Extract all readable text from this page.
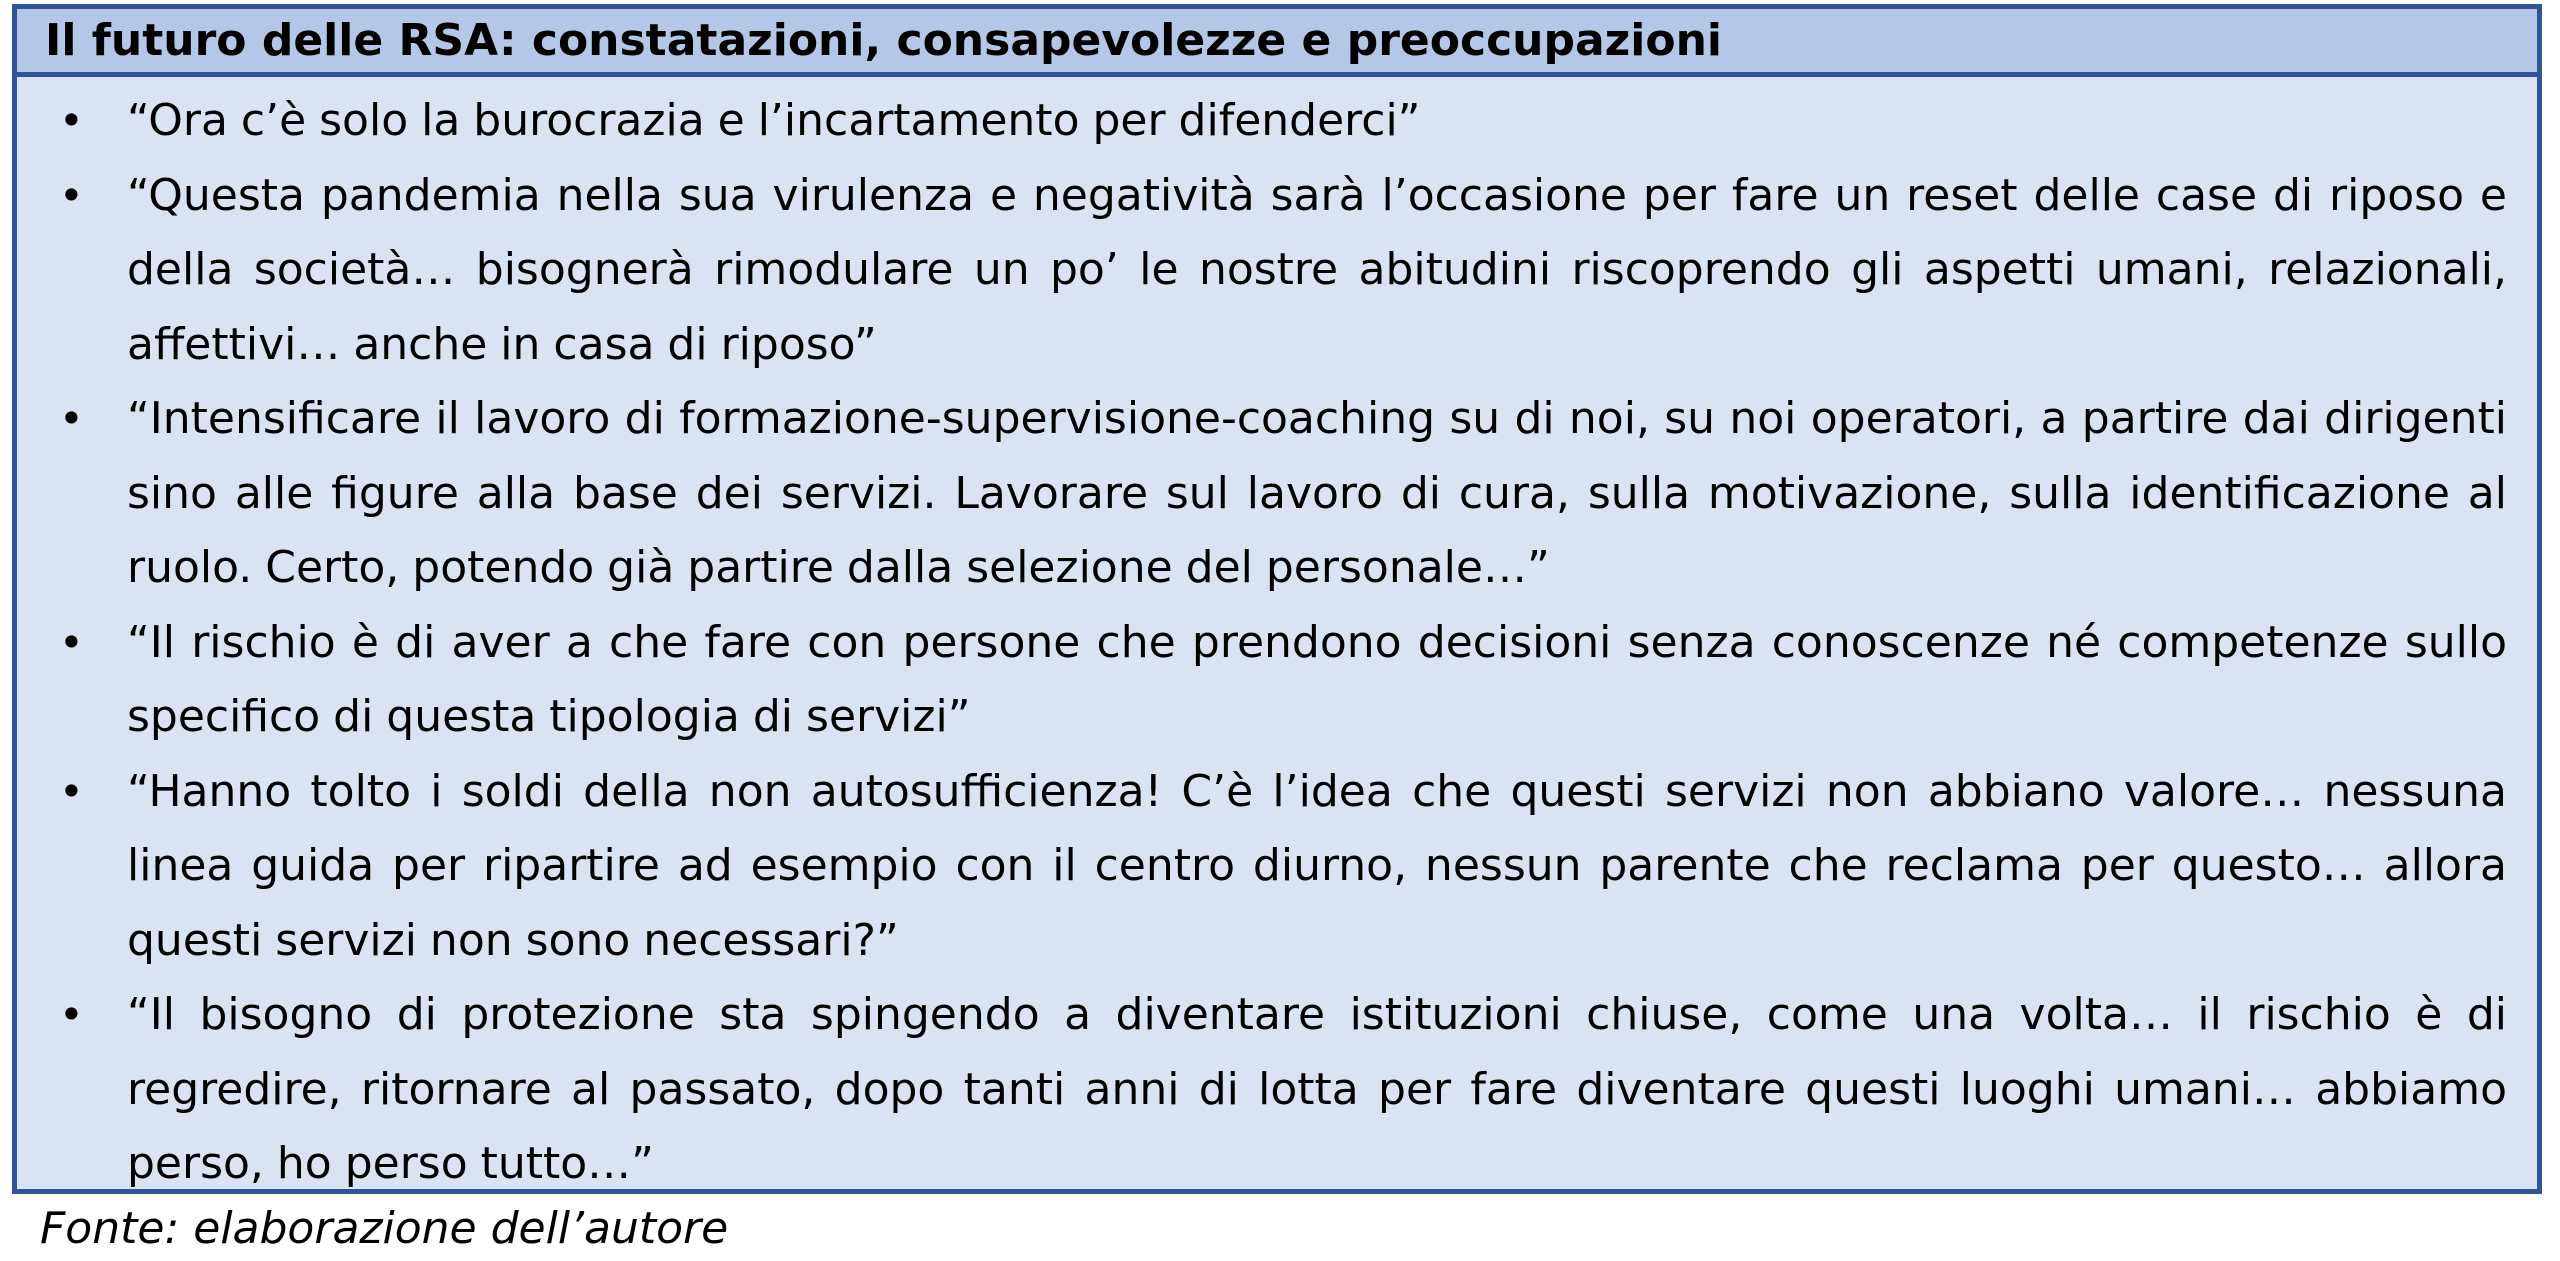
Il futuro delle RSA: constatazioni, consapevolezze e preoccupazioni
• “Ora c’è solo la burocrazia e l’incartamento per difenderci”
• “Questa pandemia nella sua virulenza e negatività sarà l’occasione per fare un reset delle case di riposo e della società… bisognerà rimodulare un po’ le nostre abitudini riscoprendo gli aspetti umani, relazionali, affettivi… anche in casa di riposo”
• “Intensificare il lavoro di formazione-supervisione-coaching su di noi, su noi operatori, a partire dai dirigenti sino alle figure alla base dei servizi. Lavorare sul lavoro di cura, sulla motivazione, sulla identificazione al ruolo. Certo, potendo già partire dalla selezione del personale…”
• “Il rischio è di aver a che fare con persone che prendono decisioni senza conoscenze né competenze sullo specifico di questa tipologia di servizi”
• “Hanno tolto i soldi della non autosufficienza! C’è l’idea che questi servizi non abbiano valore… nessuna linea guida per ripartire ad esempio con il centro diurno, nessun parente che reclama per questo… allora questi servizi non sono necessari?”
• “Il bisogno di protezione sta spingendo a diventare istituzioni chiuse, come una volta… il rischio è di regredire, ritornare al passato, dopo tanti anni di lotta per fare diventare questi luoghi umani… abbiamo perso, ho perso tutto…”
Fonte: elaborazione dell’autore
